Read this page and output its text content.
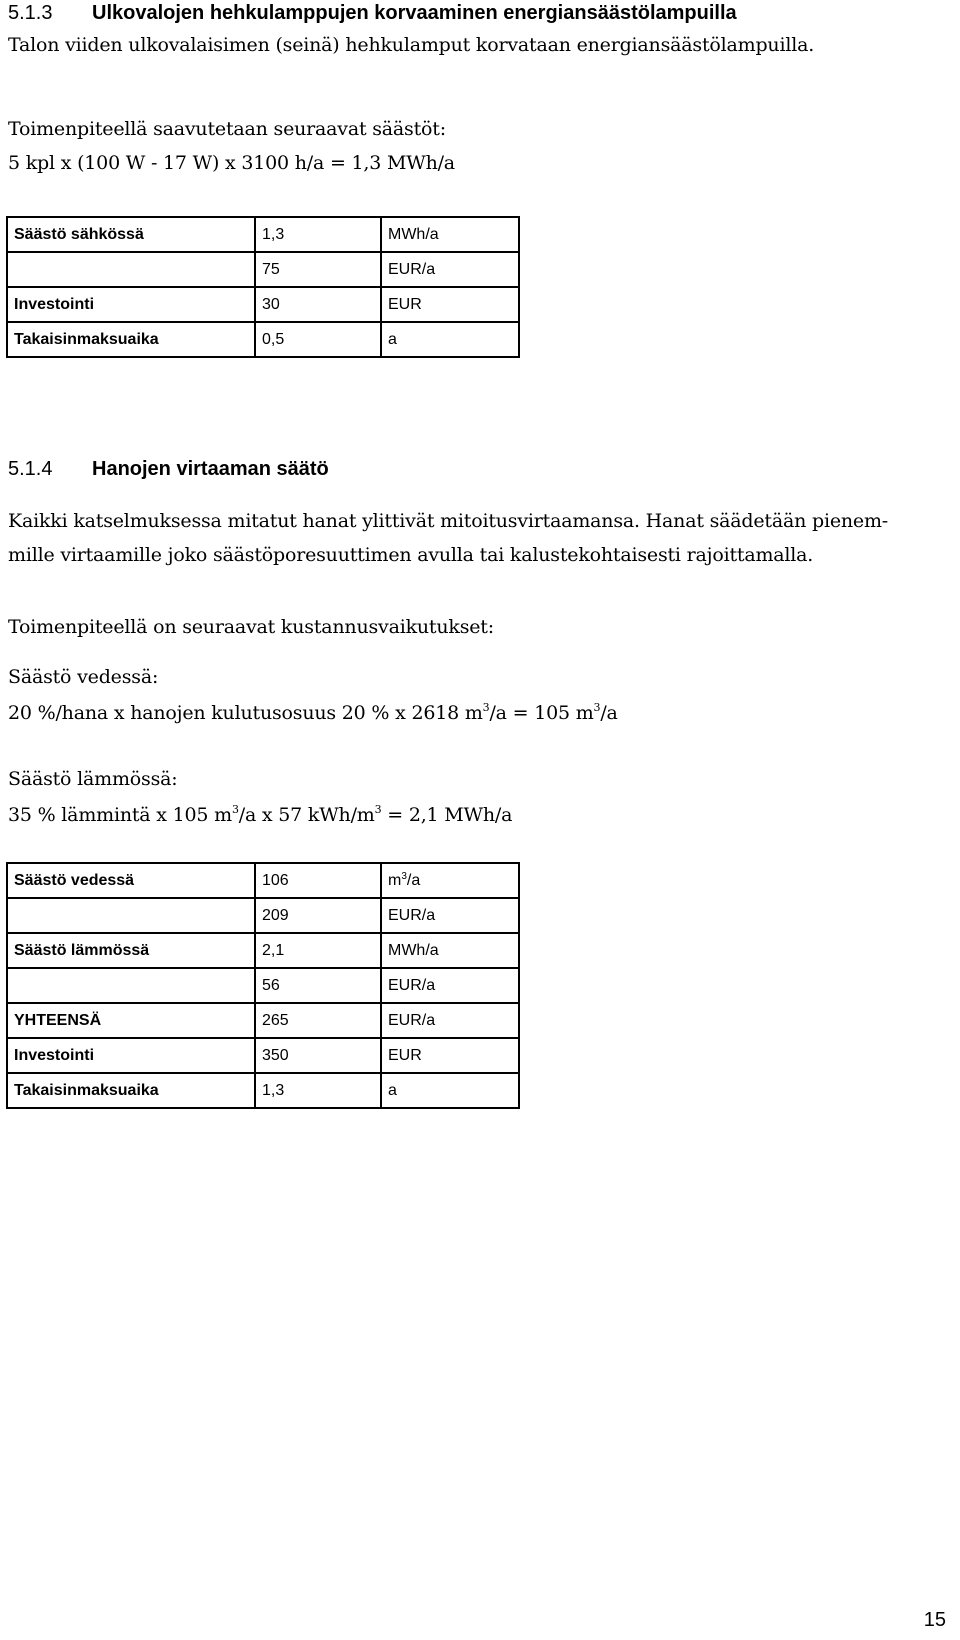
5.1.3 Ulkovalojen hehkulamppujen korvaaminen energiansäästölampuilla
Talon viiden ulkovalaisimen (seinä) hehkulamput korvataan energiansäästölampuilla.
Toimenpiteellä saavutetaan seuraavat säästöt:
5 kpl x (100 W - 17 W) x 3100 h/a = 1,3 MWh/a
Säästö sähkössä	1,3	MWh/a
	75	EUR/a
Investointi	30	EUR
Takaisinmaksuaika	0,5	a
5.1.4 Hanojen virtaaman säätö
Kaikki katselmuksessa mitatut hanat ylittivät mitoitusvirtaamansa. Hanat säädetään pienem-
mille virtaamille joko säästöporesuuttimen avulla tai kalustekohtaisesti rajoittamalla.
Toimenpiteellä on seuraavat kustannusvaikutukset:
Säästö vedessä:
20 %/hana x hanojen kulutusosuus 20 % x 2618 $m^3/a = 105$ $m^3/a$
Säästö lämmössä:
35 % lämmintä x 105 $m^3/a$ x 57 kWh/$m^3 = 2,1$ MWh/a
Säästö vedessä	106	$m^3/a$
	209	EUR/a
Säästö lämmössä	2,1	MWh/a
	56	EUR/a
YHTEENSÄ	265	EUR/a
Investointi	350	EUR
Takaisinmaksuaika	1,3	a
15
